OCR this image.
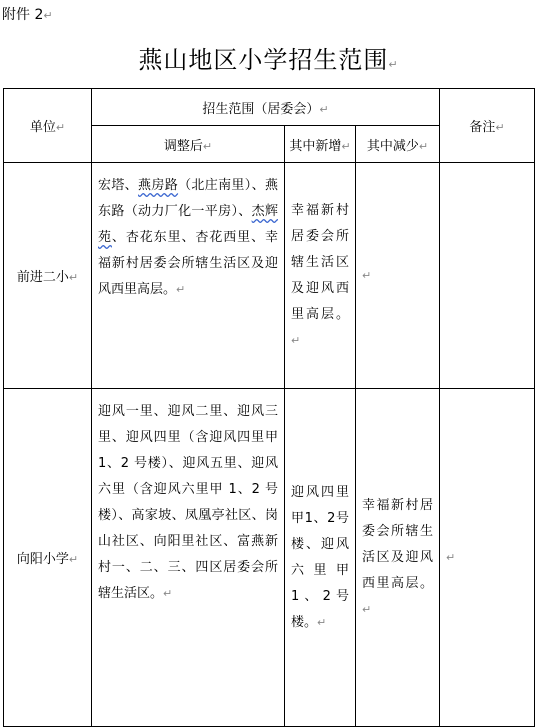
附件 2↵
燕山地区小学招生范围↵
单位↵	招生范围（居委会）↵			备注↵
	调整后↵	其中新增↵	其中减少↵	
前进二小↵	宏塔、燕房路（北庄南里）、燕东路（动力厂化一平房）、杰辉苑、杏花东里、杏花西里、幸福新村居委会所辖生活区及迎风西里高层。↵	幸福新村居委会所辖生活区及迎风西里高层。↵	↵	
向阳小学↵	迎风一里、迎风二里、迎风三里、迎风四里（含迎风四里甲 1、2 号楼）、迎风五里、迎风六里（含迎风六里甲 1、2 号楼）、高家坡、凤凰亭社区、岗山社区、向阳里社区、富燕新村一、二、三、四区居委会所辖生活区。↵	迎风四里甲1、2号楼、迎风六里甲1、2号楼。↵	幸福新村居委会所辖生活区及迎风西里高层。↵	↵
